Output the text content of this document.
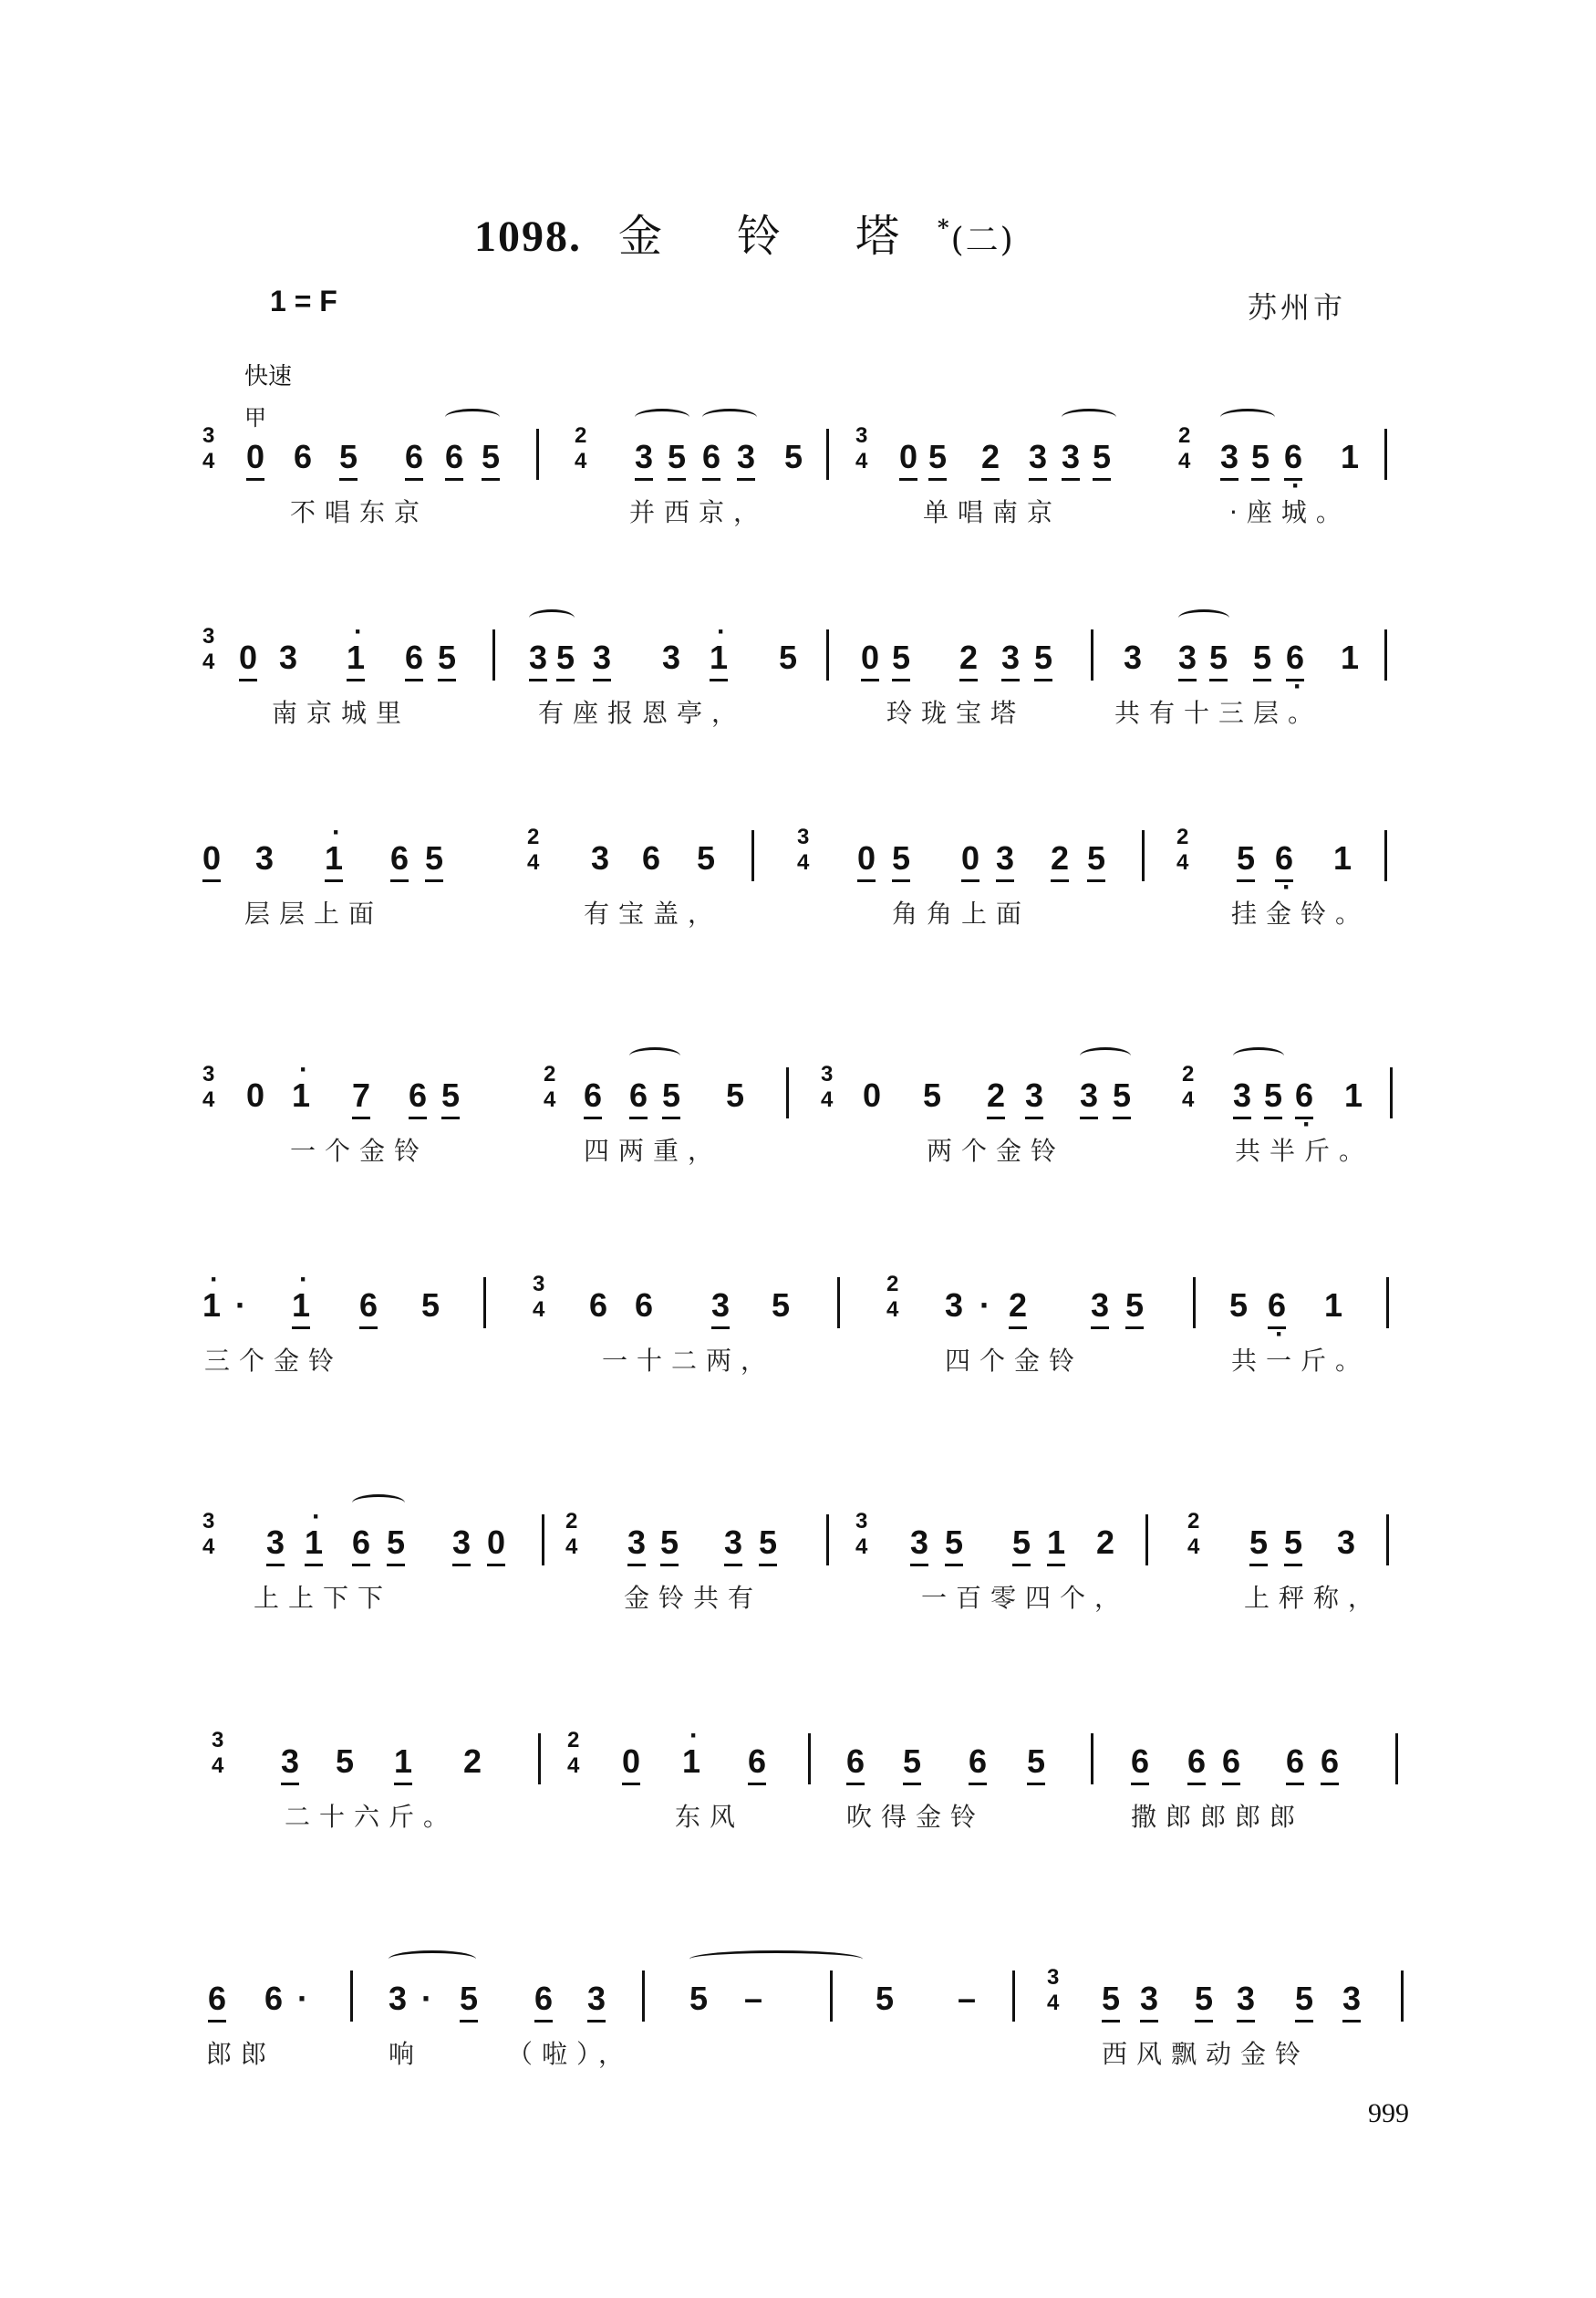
1098. 金 铃 塔 *(二)
1 = F	苏州市
快速
甲
3
4 0 6 5 6 6 5
2
4 3 5 6 3 5
3
4 0 5 2 3 3 5
2
4 3 5 6 · 1
不唱东京	并西京，	单唱南京	·座城。
3
4 0 3 · 1 6 5 3 5 3 3 · 1 5 0 5 2 3 5 3 3 5 5 6 · 1
南京城里	有座报恩亭，	玲珑宝塔	共有十三层。
0 3 · 1 6 5
2
4 3 6 5
3
4 0 5 0 3 2 5
2
4 5 6 · 1
层层上面	有宝盖，	角角上面	挂金铃。
3
4 0 · 1 7 6 5
2
4 6 6 5 5
3
4 0 5 2 3 3 5
2
4 3 5 6 · 1
一个金铃	四两重，	两个金铃	共半斤。
· 1 · · 1 6 5
3
4 6 6 3 5
2
4 3 · 2 3 5	5 6 · 1
三个金铃	一十二两，	四个金铃	共一斤。
3
4 3 · 1 6 5 3 0
2
4 3 5 3 5
3
4 3 5 5 1 2
2
4 5 5 3
上上下下	金铃共有	一百零四个，	上秤称，
3
4 3 5 1 2
2
4 0 · 1 6 6 5 6 5	6 6 6 6 6
二十六斤。	东风	吹得金铃	撒郎郎郎郎
6 6 · 3 · 5 6 3	5 –	5 –
3
4 5 3 5 3 5 3
郎郎	响	（啦），	西风飘动金铃
999
